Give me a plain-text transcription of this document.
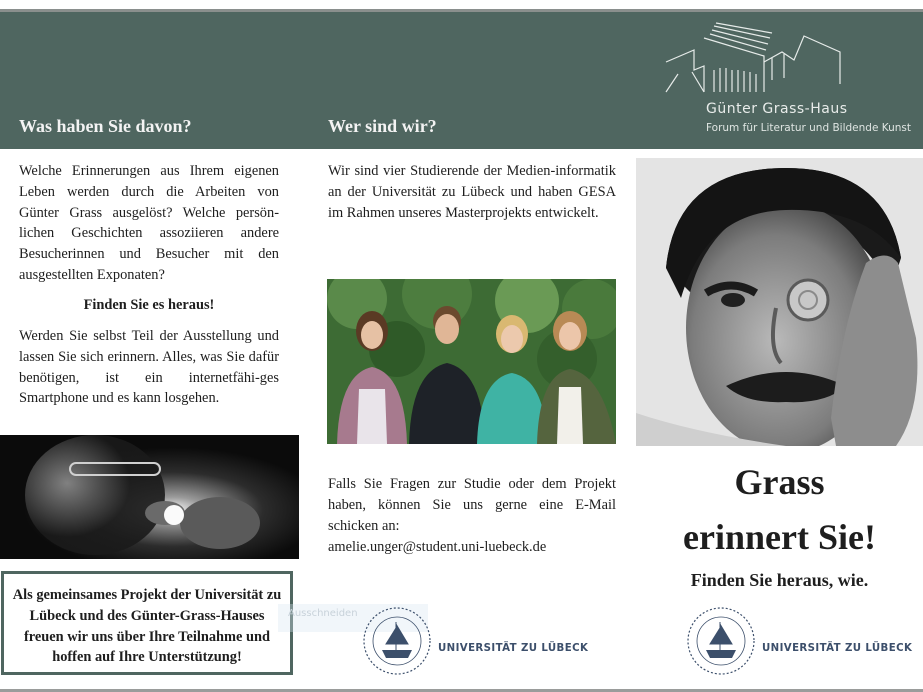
Was haben Sie davon?	Wer sind wir?
Günter Grass-Haus
Forum für Literatur und Bildende Kunst

Welche Erinnerungen aus Ihrem eigenen Leben werden durch die Arbeiten von Günter Grass ausgelöst? Welche persön-lichen Geschichten assoziieren andere Besucherinnen und Besucher mit den ausgestellten Exponaten?

Finden Sie es heraus!

Werden Sie selbst Teil der Ausstellung und lassen Sie sich erinnern. Alles, was Sie dafür benötigen, ist ein internetfähi-ges Smartphone und es kann losgehen.

Als gemeinsames Projekt der Universität zu Lübeck und des Günter-Grass-Hauses freuen wir uns über Ihre Teilnahme und hoffen auf Ihre Unterstützung!

Ausschneiden

Wir sind vier Studierende der Medien-informatik an der Universität zu Lübeck und haben GESA im Rahmen unseres Masterprojekts entwickelt.

Falls Sie Fragen zur Studie oder dem Projekt haben, können Sie uns gerne eine E-Mail schicken an:

amelie.unger@student.uni-luebeck.de
UNIVERSITÄT ZU LÜBECK
Grass
erinnert Sie!
Finden Sie heraus, wie.
UNIVERSITÄT ZU LÜBECK
